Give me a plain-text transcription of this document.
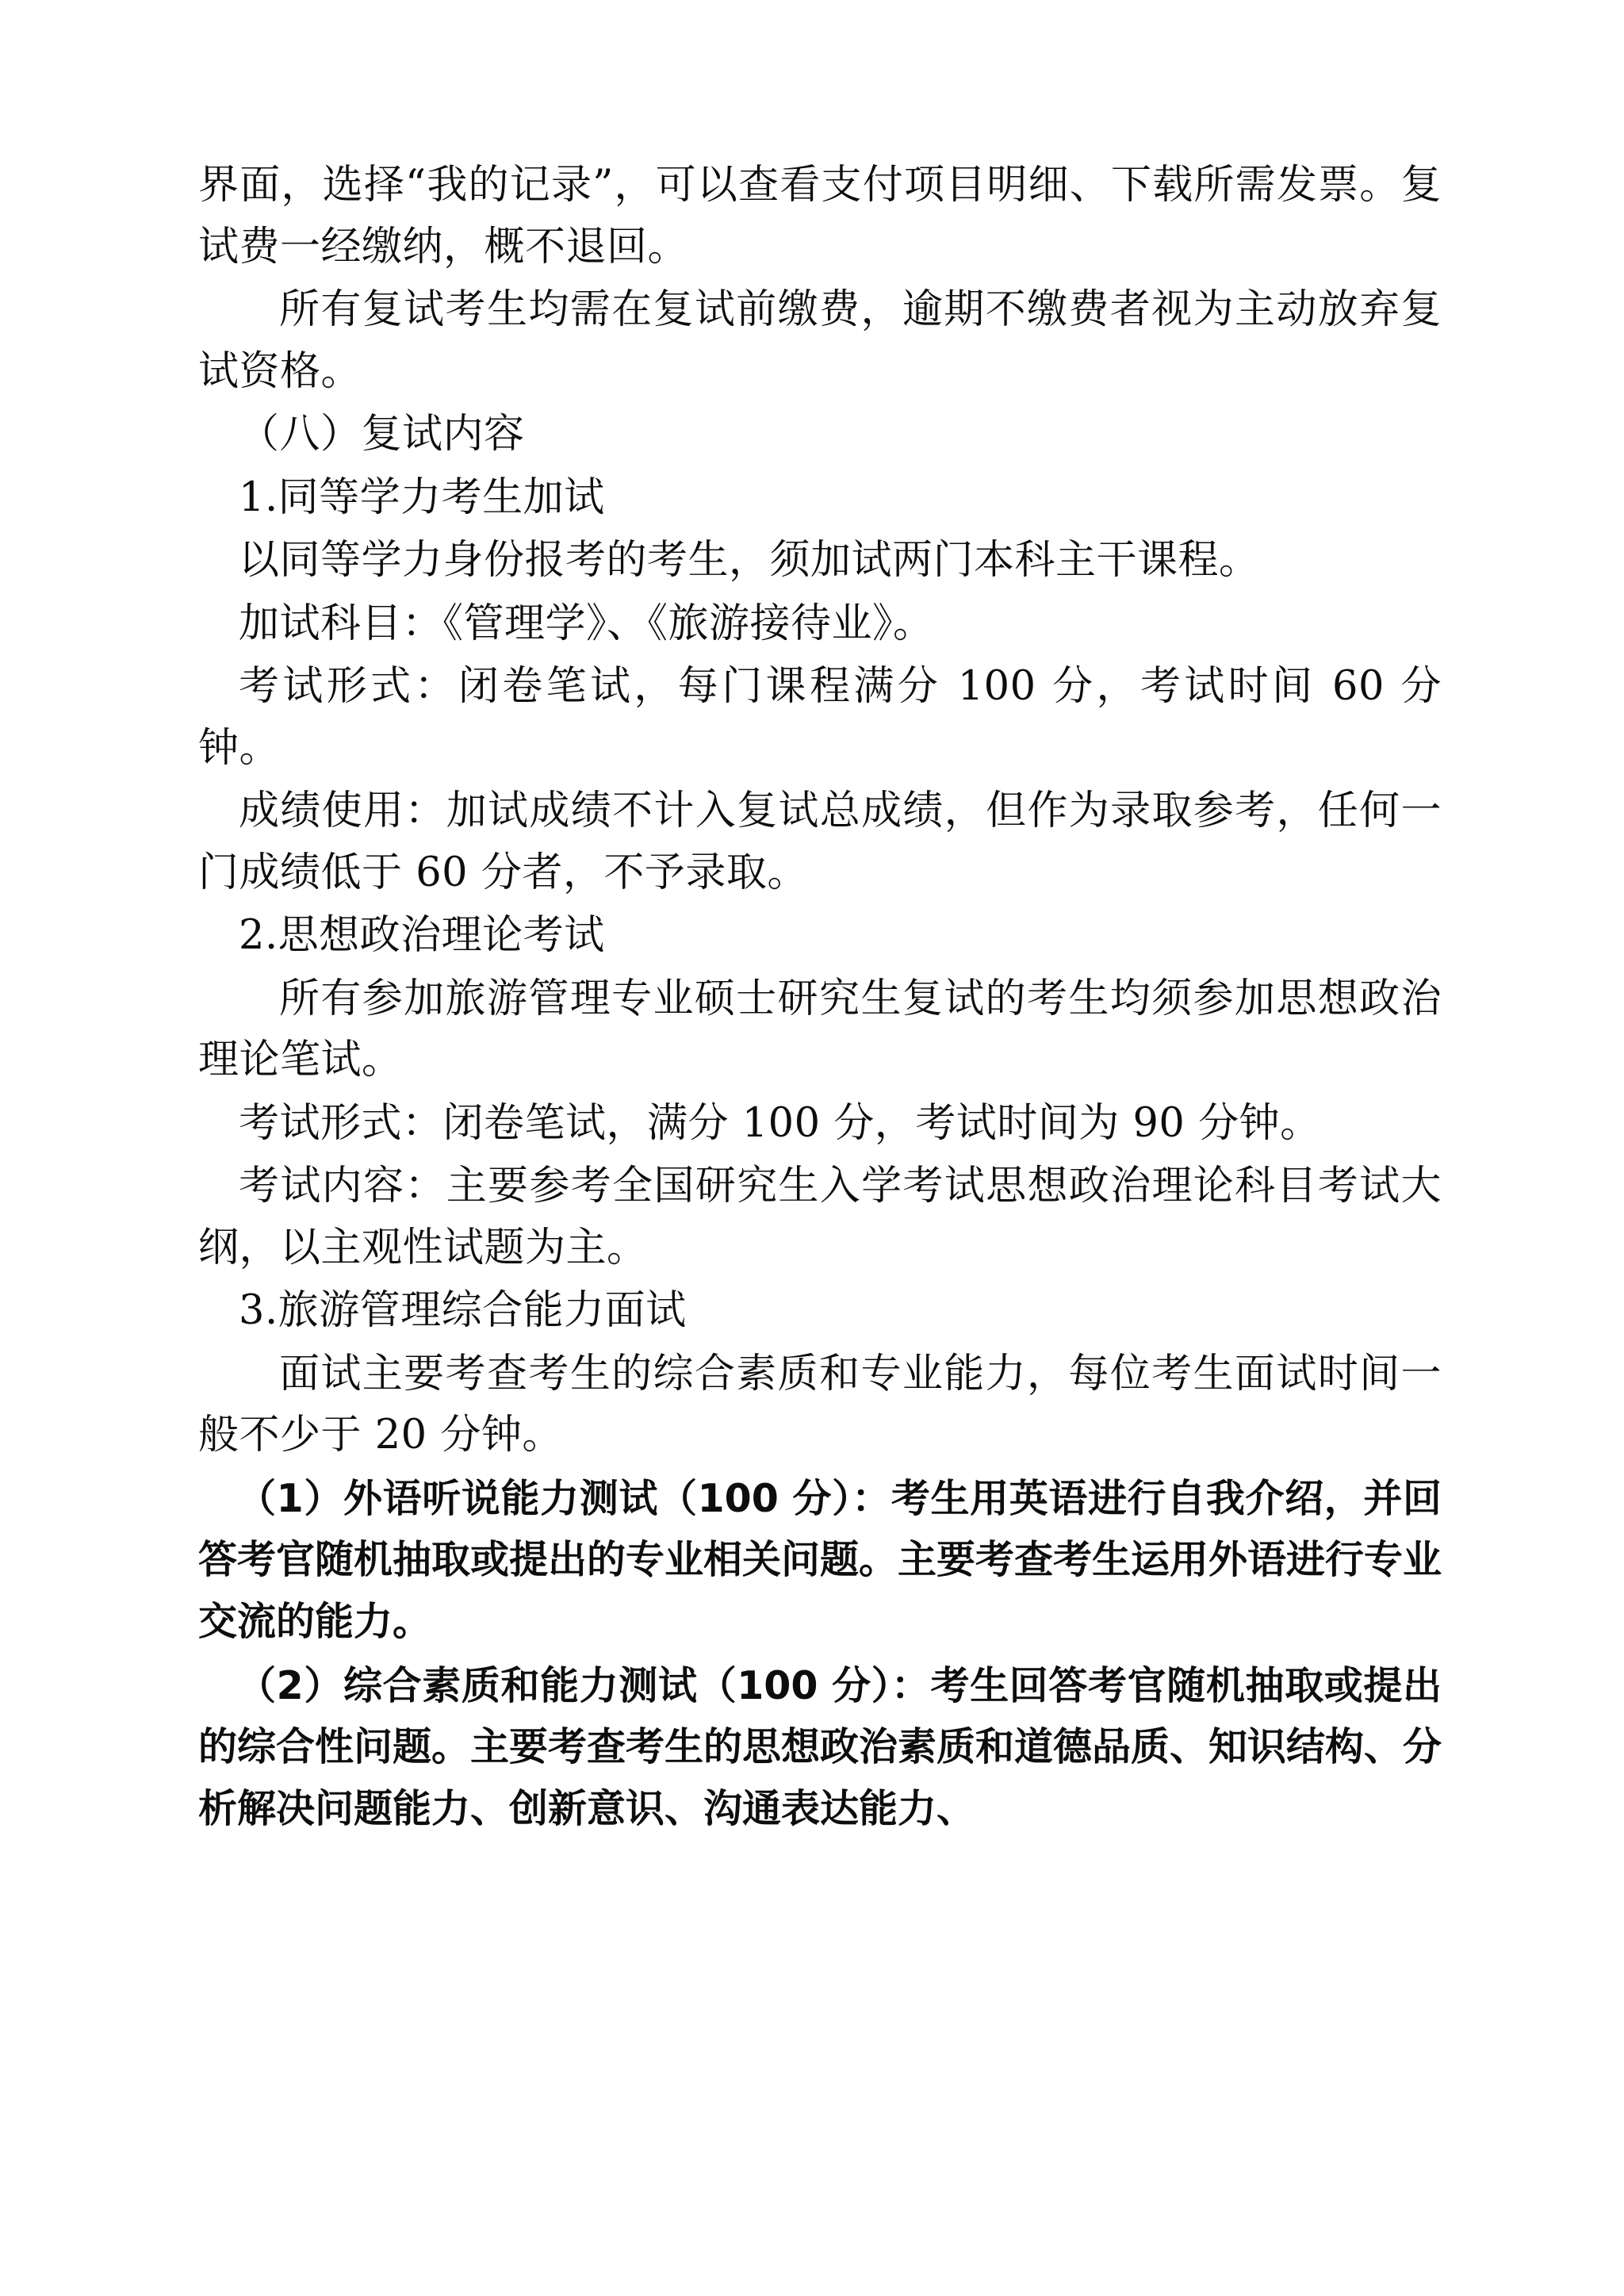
界面，选择“我的记录”，可以查看支付项目明细、下载所需发票。复试费一经缴纳，概不退回。

所有复试考生均需在复试前缴费，逾期不缴费者视为主动放弃复试资格。

（八）复试内容

1.同等学力考生加试

以同等学力身份报考的考生，须加试两门本科主干课程。

加试科目：《管理学》、《旅游接待业》。

考试形式：闭卷笔试，每门课程满分 100 分，考试时间 60 分钟。

成绩使用：加试成绩不计入复试总成绩，但作为录取参考，任何一门成绩低于 60 分者，不予录取。

2.思想政治理论考试

所有参加旅游管理专业硕士研究生复试的考生均须参加思想政治理论笔试。

考试形式：闭卷笔试，满分 100 分，考试时间为 90 分钟。

考试内容：主要参考全国研究生入学考试思想政治理论科目考试大纲，以主观性试题为主。

3.旅游管理综合能力面试

面试主要考查考生的综合素质和专业能力，每位考生面试时间一般不少于 20 分钟。

（1）外语听说能力测试（100 分）：考生用英语进行自我介绍，并回答考官随机抽取或提出的专业相关问题。主要考查考生运用外语进行专业交流的能力。

（2）综合素质和能力测试（100 分）：考生回答考官随机抽取或提出的综合性问题。主要考查考生的思想政治素质和道德品质、知识结构、分析解决问题能力、创新意识、沟通表达能力、
